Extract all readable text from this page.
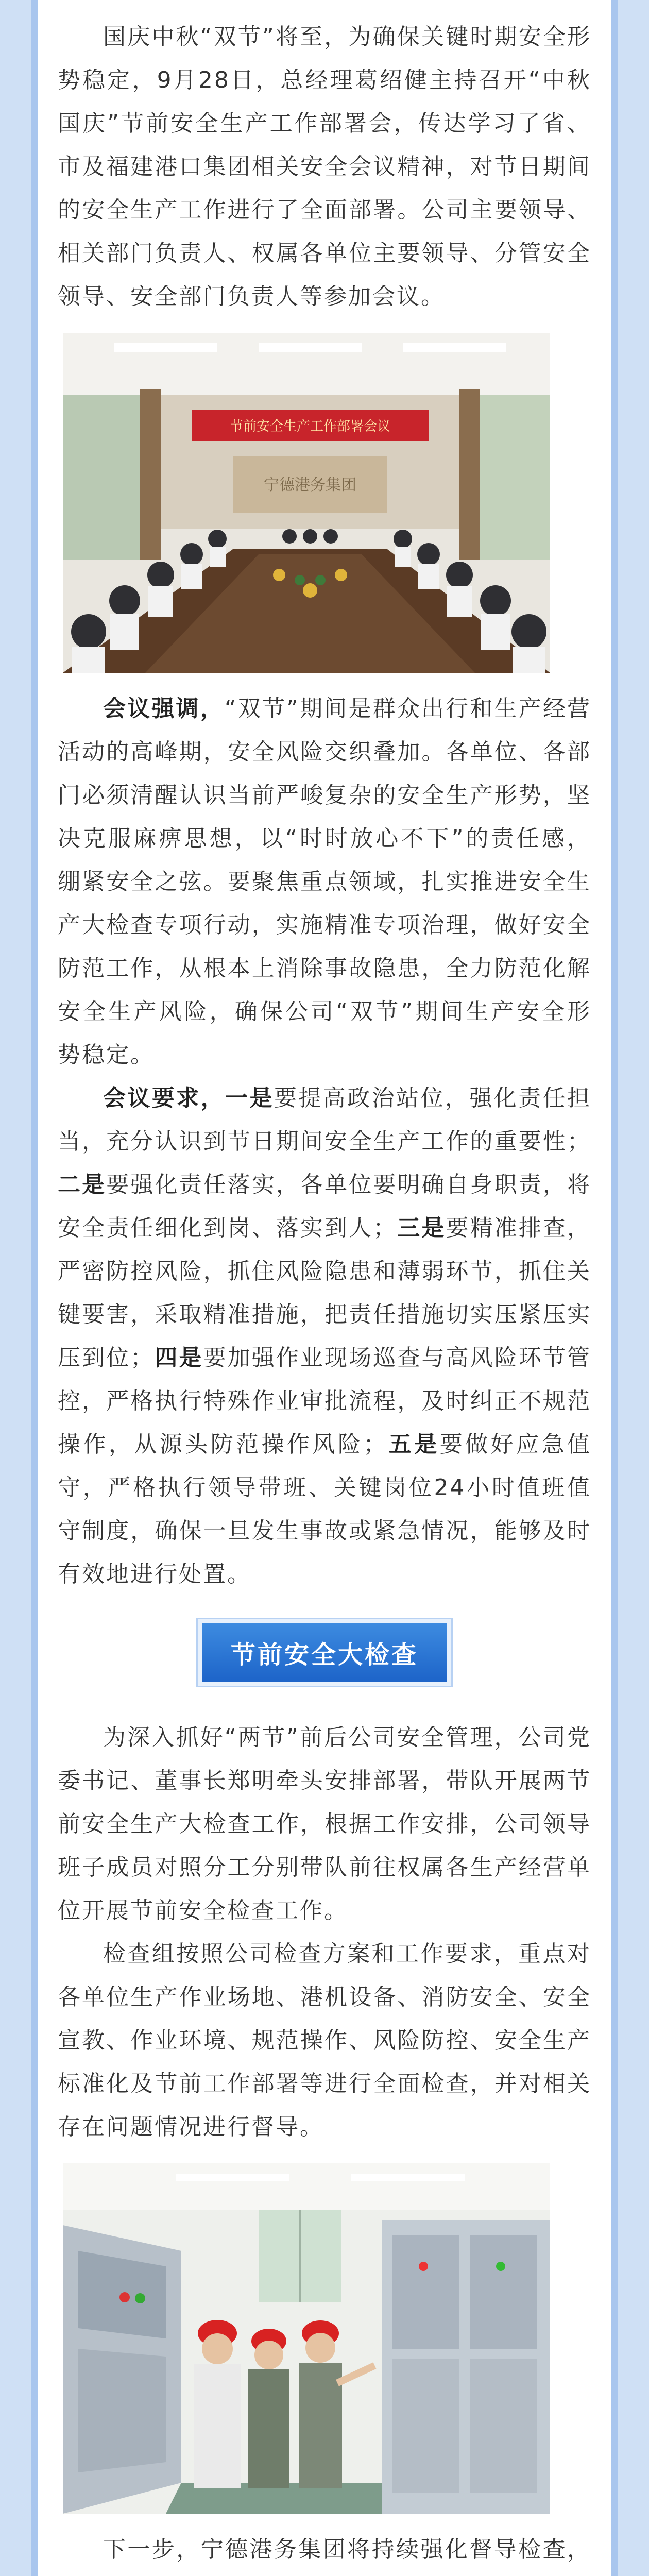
国庆中秋“双节”将至，为确保关键时期安全形势稳定，9月28日，总经理葛绍健主持召开“中秋国庆”节前安全生产工作部署会，传达学习了省、市及福建港口集团相关安全会议精神，对节日期间的安全生产工作进行了全面部署。公司主要领导、相关部门负责人、权属各单位主要领导、分管安全领导、安全部门负责人等参加会议。

节前安全生产工作部署会议
宁德港务集团

会议强调，“双节”期间是群众出行和生产经营活动的高峰期，安全风险交织叠加。各单位、各部门必须清醒认识当前严峻复杂的安全生产形势，坚决克服麻痹思想，以“时时放心不下”的责任感，绷紧安全之弦。要聚焦重点领域，扎实推进安全生产大检查专项行动，实施精准专项治理，做好安全防范工作，从根本上消除事故隐患，全力防范化解安全生产风险，确保公司“双节”期间生产安全形势稳定。

会议要求，一是要提高政治站位，强化责任担当，充分认识到节日期间安全生产工作的重要性；二是要强化责任落实，各单位要明确自身职责，将安全责任细化到岗、落实到人；三是要精准排查，严密防控风险，抓住风险隐患和薄弱环节，抓住关键要害，采取精准措施，把责任措施切实压紧压实压到位；四是要加强作业现场巡查与高风险环节管控，严格执行特殊作业审批流程，及时纠正不规范操作，从源头防范操作风险；五是要做好应急值守，严格执行领导带班、关键岗位24小时值班值守制度，确保一旦发生事故或紧急情况，能够及时有效地进行处置。

节前安全大检查

为深入抓好“两节”前后公司安全管理，公司党委书记、董事长郑明牵头安排部署，带队开展两节前安全生产大检查工作，根据工作安排，公司领导班子成员对照分工分别带队前往权属各生产经营单位开展节前安全检查工作。

检查组按照公司检查方案和工作要求，重点对各单位生产作业场地、港机设备、消防安全、安全宣教、作业环境、规范操作、风险防控、安全生产标准化及节前工作部署等进行全面检查，并对相关存在问题情况进行督导。

下一步，宁德港务集团将持续强化督导检查，
